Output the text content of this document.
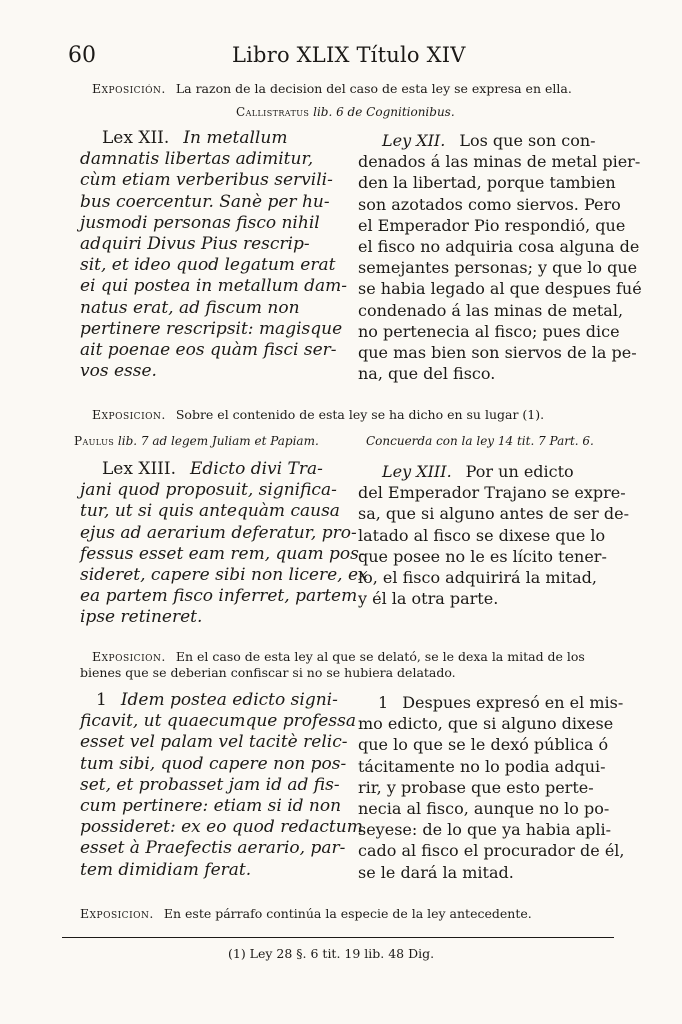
60	Libro XLIX Título XIV
Exposición. La razon de la decision del caso de esta ley se expresa en ella.
Callistratus lib. 6 de Cognitionibus.
Lex XII. In metallum
damnatis libertas adimitur,
cùm etiam verberibus servili-
bus coercentur. Sanè per hu-
jusmodi personas fisco nihil
adquiri Divus Pius rescrip-
sit, et ideo quod legatum erat
ei qui postea in metallum dam-
natus erat, ad fiscum non
pertinere rescripsit: magisque
ait poenae eos quàm fisci ser-
vos esse.
Ley XII. Los que son con-
denados á las minas de metal pier-
den la libertad, porque tambien
son azotados como siervos. Pero
el Emperador Pio respondió, que
el fisco no adquiria cosa alguna de
semejantes personas; y que lo que
se habia legado al que despues fué
condenado á las minas de metal,
no pertenecia al fisco; pues dice
que mas bien son siervos de la pe-
na, que del fisco.
Exposicion. Sobre el contenido de esta ley se ha dicho en su lugar (1).
Paulus lib. 7 ad legem Juliam et Papiam.	Concuerda con la ley 14 tit. 7 Part. 6.
Lex XIII. Edicto divi Tra-
jani quod proposuit, significa-
tur, ut si quis antequàm causa
ejus ad aerarium deferatur, pro-
fessus esset eam rem, quam pos-
sideret, capere sibi non licere, ex
ea partem fisco inferret, partem
ipse retineret.
Ley XIII. Por un edicto
del Emperador Trajano se expre-
sa, que si alguno antes de ser de-
latado al fisco se dixese que lo
que posee no le es lícito tener-
lo, el fisco adquirirá la mitad,
y él la otra parte.
Exposicion. En el caso de esta ley al que se delató, se le dexa la mitad de los
bienes que se deberian confiscar si no se hubiera delatado.
1 Idem postea edicto signi-
ficavit, ut quaecumque professa
esset vel palam vel tacitè relic-
tum sibi, quod capere non pos-
set, et probasset jam id ad fis-
cum pertinere: etiam si id non
possideret: ex eo quod redactum
esset à Praefectis aerario, par-
tem dimidiam ferat.
1 Despues expresó en el mis-
mo edicto, que si alguno dixese
que lo que se le dexó pública ó
tácitamente no lo podia adqui-
rir, y probase que esto perte-
necia al fisco, aunque no lo po-
seyese: de lo que ya habia apli-
cado al fisco el procurador de él,
se le dará la mitad.
Exposicion. En este párrafo continúa la especie de la ley antecedente.
(1) Ley 28 §. 6 tit. 19 lib. 48 Dig.
